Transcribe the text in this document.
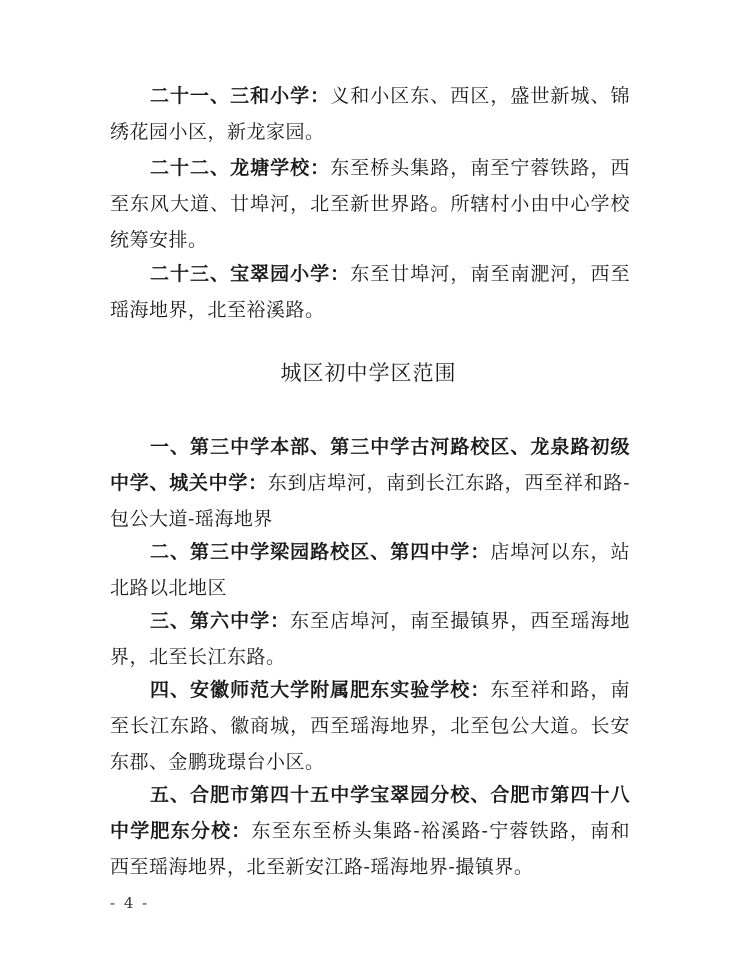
二十一、三和小学：义和小区东、西区，盛世新城、锦绣花园小区，新龙家园。

二十二、龙塘学校：东至桥头集路，南至宁蓉铁路，西至东风大道、廿埠河，北至新世界路。所辖村小由中心学校统筹安排。

二十三、宝翠园小学：东至廿埠河，南至南淝河，西至瑶海地界，北至裕溪路。

城区初中学区范围

一、第三中学本部、第三中学古河路校区、龙泉路初级中学、城关中学：东到店埠河，南到长江东路，西至祥和路-包公大道-瑶海地界

二、第三中学梁园路校区、第四中学：店埠河以东，站北路以北地区

三、第六中学：东至店埠河，南至撮镇界，西至瑶海地界，北至长江东路。

四、安徽师范大学附属肥东实验学校：东至祥和路，南至长江东路、徽商城，西至瑶海地界，北至包公大道。长安东郡、金鹏珑璟台小区。

五、合肥市第四十五中学宝翠园分校、合肥市第四十八中学肥东分校：东至东至桥头集路-裕溪路-宁蓉铁路，南和西至瑶海地界，北至新安江路-瑶海地界-撮镇界。

- 4 -
